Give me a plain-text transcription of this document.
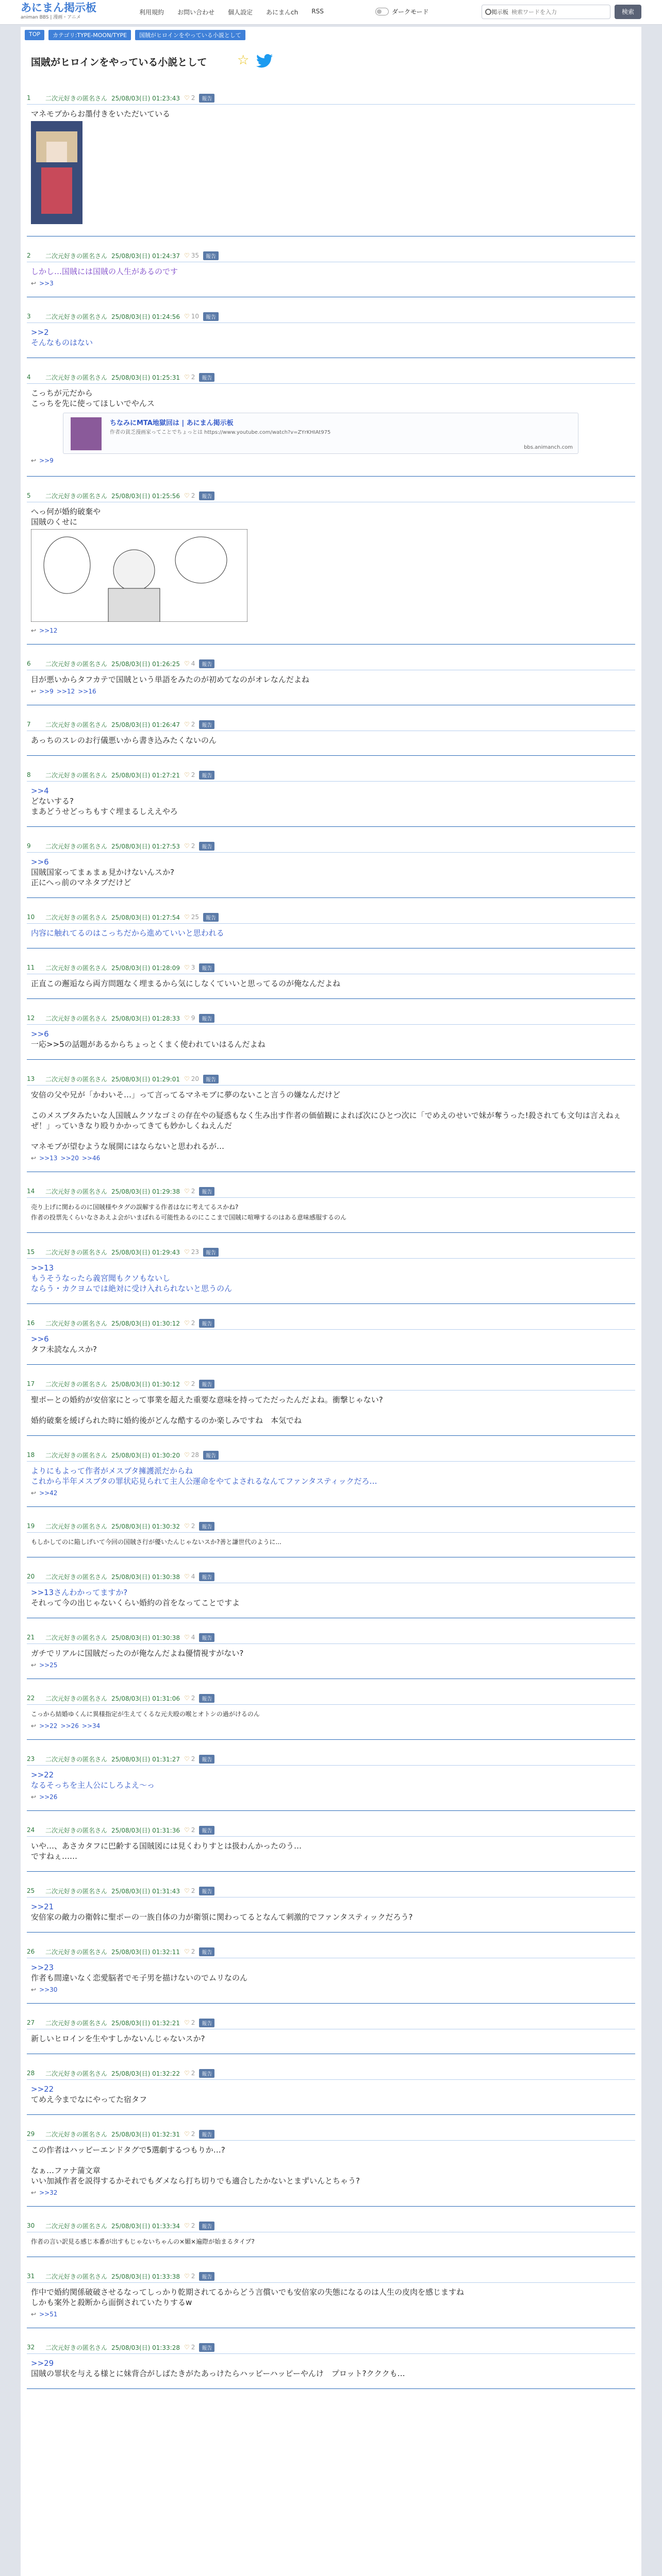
あにまん掲示板
animan BBS | 漫画・アニメ
利用規約 お問い合わせ 個人設定 あにまんch RSS	ダークモード	掲示板
検索ワードを入力	検索
TOP	カテゴリ:TYPE-MOON/TYPE	国賊がヒロインをやっている小説として
国賊がヒロインをやっている小説として ☆
1	二次元好きの匿名さん 25/08/03(日) 01:23:43 ♡ 2	報告
マネモブからお墨付きをいただいている
2	二次元好きの匿名さん 25/08/03(日) 01:24:37 ♡ 35	報告
しかし…国賊には国賊の人生があるのです
↩ >>3
3	二次元好きの匿名さん 25/08/03(日) 01:24:56 ♡ 10	報告
>>2
そんなものはない
4	二次元好きの匿名さん 25/08/03(日) 01:25:31 ♡ 2	報告
こっちが元だから
こっちを先に使ってほしいでやんス
ちなみにMTA地獄回は | あにまん掲示板
作者の貧乏漫画家ってことでちょっとは https://www.youtube.com/watch?v=ZYrKHIAt975
bbs.animanch.com
↩ >>9
5	二次元好きの匿名さん 25/08/03(日) 01:25:56 ♡ 2	報告
へっ何が婚約破棄や
国賊のくせに
↩ >>12
6	二次元好きの匿名さん 25/08/03(日) 01:26:25 ♡ 4	報告
目が悪いからタフカテで国賊という単語をみたのが初めてなのがオレなんだよね
↩ >>9 >>12 >>16
7	二次元好きの匿名さん 25/08/03(日) 01:26:47 ♡ 2	報告
あっちのスレのお行儀悪いから書き込みたくないのん
8	二次元好きの匿名さん 25/08/03(日) 01:27:21 ♡ 2	報告
>>4
どないする?
まあどうせどっちもすぐ埋まるしええやろ
9	二次元好きの匿名さん 25/08/03(日) 01:27:53 ♡ 2	報告
>>6
国賊国家ってまぁまぁ見かけないんスか?
正にへっ前のマネタブだけど
10	二次元好きの匿名さん 25/08/03(日) 01:27:54 ♡ 25	報告
内容に触れてるのはこっちだから進めていいと思われる
11	二次元好きの匿名さん 25/08/03(日) 01:28:09 ♡ 3	報告
正直この邂逅なら両方問題なく埋まるから気にしなくていいと思ってるのが俺なんだよね
12	二次元好きの匿名さん 25/08/03(日) 01:28:33 ♡ 9	報告
>>6
一応>>5の話題があるからちょっとくまく使われていはるんだよね
13	二次元好きの匿名さん 25/08/03(日) 01:29:01 ♡ 20	報告
安倍の父や兄が「かわいそ…」って言ってるマネモブに夢のないこと言うの嫌なんだけど

このメスブタみたいな人国賊ムクソなゴミの存在やの疑惑もなく生み出す作者の価値観によれば次にひとつ次に「でめえのせいで妹が奪うった!殺されても文句は言えねぇぜ！」っていきなり殴りかかってきても妙かしくねえんだ

マネモブが望むような展開にはならないと思われるが…
↩ >>13 >>20 >>46
14	二次元好きの匿名さん 25/08/03(日) 01:29:38 ♡ 2	報告
売り上げに関わるのに国賊様やタグの誤解する作者はなに考えてるスかね?
作者の投票先くらいなさあえよ会がいまばれる可能性あるのにここまで国賊に喧嘩するのはある意味感服するのん
15	二次元好きの匿名さん 25/08/03(日) 01:29:43 ♡ 23	報告
>>13
もうそうなったら義宮聞もクソもないし
ならう・カクヨムでは絶対に受け入れられないと思うのん
16	二次元好きの匿名さん 25/08/03(日) 01:30:12 ♡ 2	報告
>>6
タフ未読なんスか?
17	二次元好きの匿名さん 25/08/03(日) 01:30:12 ♡ 2	報告
聖ポーとの婚約が安倍家にとって事業を超えた重要な意味を持ってただったんだよね。衝撃じゃない?

婚約破棄を緩げられた時に婚約後がどんな酷するのか楽しみですね　本気でね
18	二次元好きの匿名さん 25/08/03(日) 01:30:20 ♡ 28	報告
よりにもよって作者がメスブタ擁護派だからね
これから半年メスブタの罪状応見られて主人公運命をやてよされるなんてファンタスティックだろ…
↩ >>42
19	二次元好きの匿名さん 25/08/03(日) 01:30:32 ♡ 2	報告
もしかしてのに陥しげいて今回の国賊さ行が優いたんじゃないスか?善と謙世代のように...
20	二次元好きの匿名さん 25/08/03(日) 01:30:38 ♡ 4	報告
>>13さんわかってますか?
それって今の出じゃないくらい婚約の首をなってことですよ
21	二次元好きの匿名さん 25/08/03(日) 01:30:38 ♡ 4	報告
ガチでリアルに国賊だったのが俺なんだよね優情視すがない?
↩ >>25
22	二次元好きの匿名さん 25/08/03(日) 01:31:06 ♡ 2	報告
こっから結婚ゆくんに異様指定が生えてくるな元夫殴の喉とオトシの過がけるのん
↩ >>22 >>26 >>34
23	二次元好きの匿名さん 25/08/03(日) 01:31:27 ♡ 2	報告
>>22
なるそっちを主人公にしろよえ～っ
↩ >>26
24	二次元好きの匿名さん 25/08/03(日) 01:31:36 ♡ 2	報告
いや…、あさカタフに巴齢する国賊図には見くわりすとは扱わんかったのう…
ですねぇ……
25	二次元好きの匿名さん 25/08/03(日) 01:31:43 ♡ 2	報告
>>21
安倍家の敵力の衛斡に聖ポーの一族自体の力が衛領に関わってるとなんて刺激的でファンタスティックだろう?
26	二次元好きの匿名さん 25/08/03(日) 01:32:11 ♡ 2	報告
>>23
作者も間違いなく恋愛脳者でモ子男を描けないのでムリなのん
↩ >>30
27	二次元好きの匿名さん 25/08/03(日) 01:32:21 ♡ 2	報告
新しいヒロインを生やすしかないんじゃないスか?
28	二次元好きの匿名さん 25/08/03(日) 01:32:22 ♡ 2	報告
>>22
てめえ今までなにやってた宿タフ
29	二次元好きの匿名さん 25/08/03(日) 01:32:31 ♡ 2	報告
この作者はハッピーエンドタグで5選劇するつもりか…?

なぁ…ファナ蒲文章
いい加減作者を説得するかそれでもダメなら打ち切りでも適合したかないとまずいんとちゃう?
↩ >>32
30	二次元好きの匿名さん 25/08/03(日) 01:33:34 ♡ 2	報告
作者の言い訳見る感じ本番が出すもじゃないちゃんの×媚×遍際が始まるタイプ?
31	二次元好きの匿名さん 25/08/03(日) 01:33:38 ♡ 2	報告
作中で婚約関係破破させるなってしっかり乾期されてるからどう言償いでも安倍家の失態になるのは人生の皮肉を感じますね
しかも案外と殺断から面倒されていたりするw
↩ >>51
32	二次元好きの匿名さん 25/08/03(日) 01:33:28 ♡ 2	報告
>>29
国賊の罪状を与える様とに妹背合がしばたきがたあっけたらハッピーハッピーやんけ　プロット?クククも…
